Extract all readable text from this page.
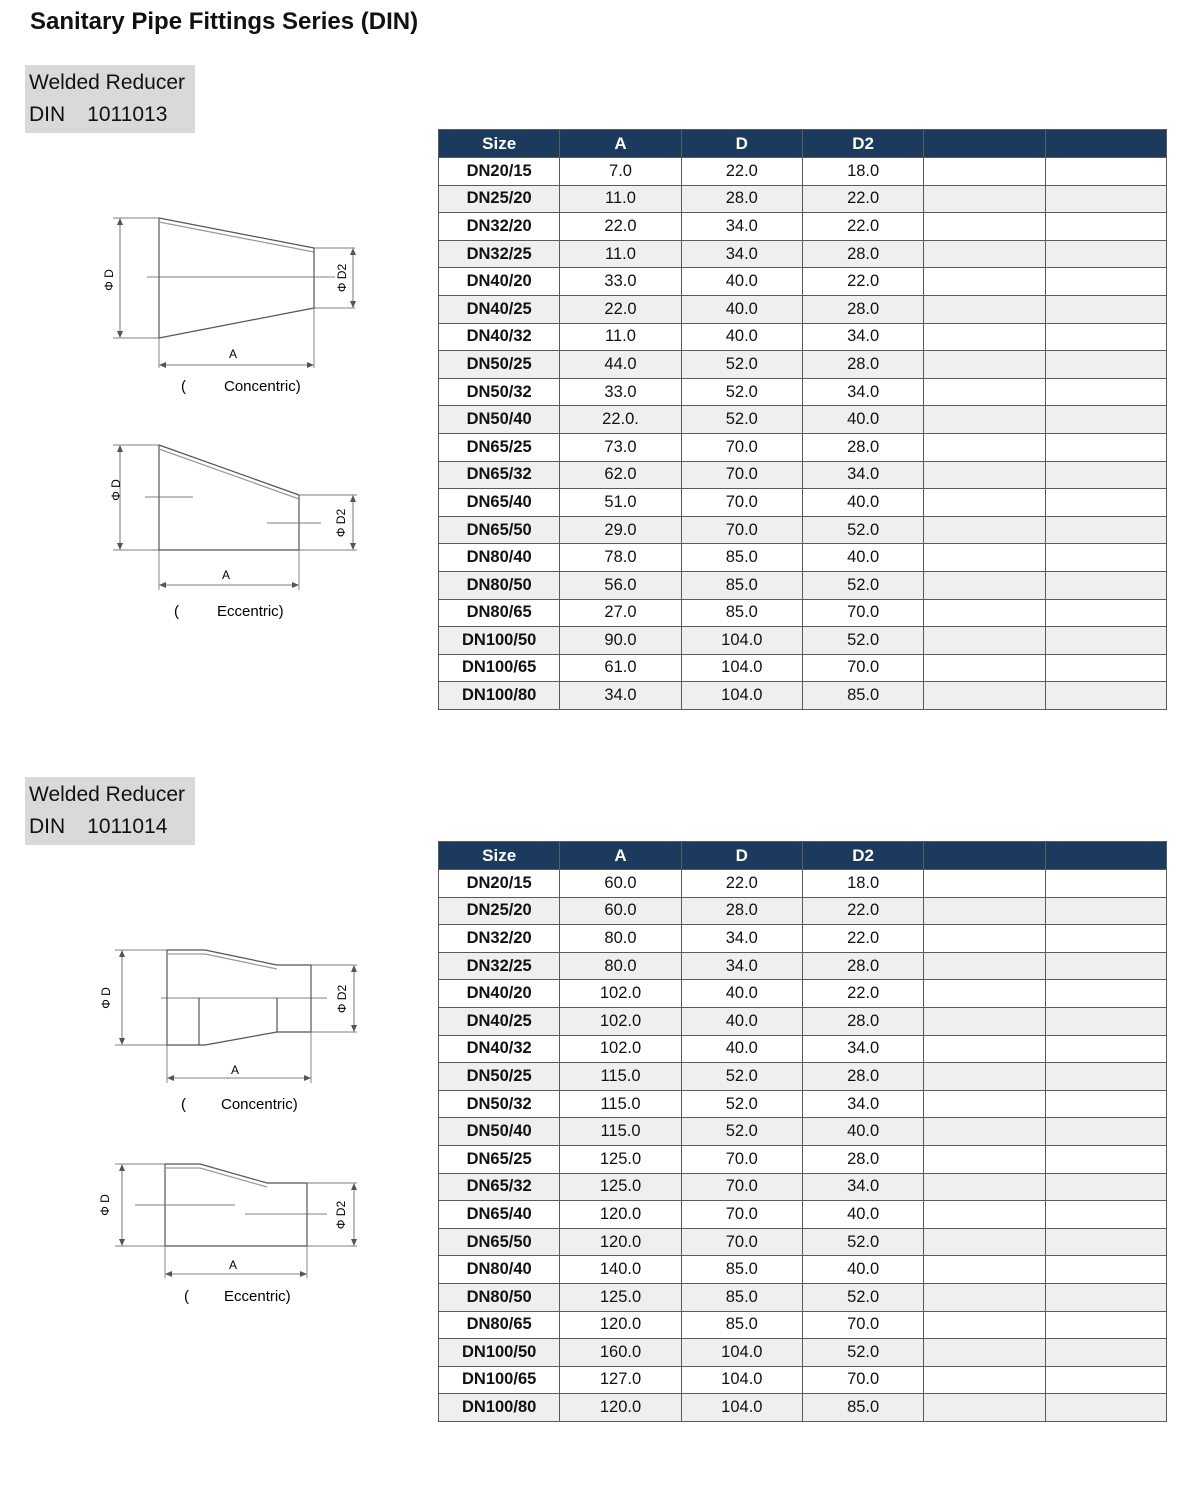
Sanitary Pipe Fittings Series (DIN)
Welded Reducer
DIN 1011013
Φ D	Φ D2
A
(	Concentric)
Φ D
Φ D2
A
(	Eccentric)
Size	A	D	D2		
DN20/15	7.0	22.0	18.0		
DN25/20	11.0	28.0	22.0		
DN32/20	22.0	34.0	22.0		
DN32/25	11.0	34.0	28.0		
DN40/20	33.0	40.0	22.0		
DN40/25	22.0	40.0	28.0		
DN40/32	11.0	40.0	34.0		
DN50/25	44.0	52.0	28.0		
DN50/32	33.0	52.0	34.0		
DN50/40	22.0.	52.0	40.0		
DN65/25	73.0	70.0	28.0		
DN65/32	62.0	70.0	34.0		
DN65/40	51.0	70.0	40.0		
DN65/50	29.0	70.0	52.0		
DN80/40	78.0	85.0	40.0		
DN80/50	56.0	85.0	52.0		
DN80/65	27.0	85.0	70.0		
DN100/50	90.0	104.0	52.0		
DN100/65	61.0	104.0	70.0		
DN100/80	34.0	104.0	85.0		
Welded Reducer
DIN 1011014
Φ D	Φ D2
A
( Concentric)
Φ D	Φ D2
A
( Eccentric)
Size	A	D	D2		
DN20/15	60.0	22.0	18.0		
DN25/20	60.0	28.0	22.0		
DN32/20	80.0	34.0	22.0		
DN32/25	80.0	34.0	28.0		
DN40/20	102.0	40.0	22.0		
DN40/25	102.0	40.0	28.0		
DN40/32	102.0	40.0	34.0		
DN50/25	115.0	52.0	28.0		
DN50/32	115.0	52.0	34.0		
DN50/40	115.0	52.0	40.0		
DN65/25	125.0	70.0	28.0		
DN65/32	125.0	70.0	34.0		
DN65/40	120.0	70.0	40.0		
DN65/50	120.0	70.0	52.0		
DN80/40	140.0	85.0	40.0		
DN80/50	125.0	85.0	52.0		
DN80/65	120.0	85.0	70.0		
DN100/50	160.0	104.0	52.0		
DN100/65	127.0	104.0	70.0		
DN100/80	120.0	104.0	85.0		
